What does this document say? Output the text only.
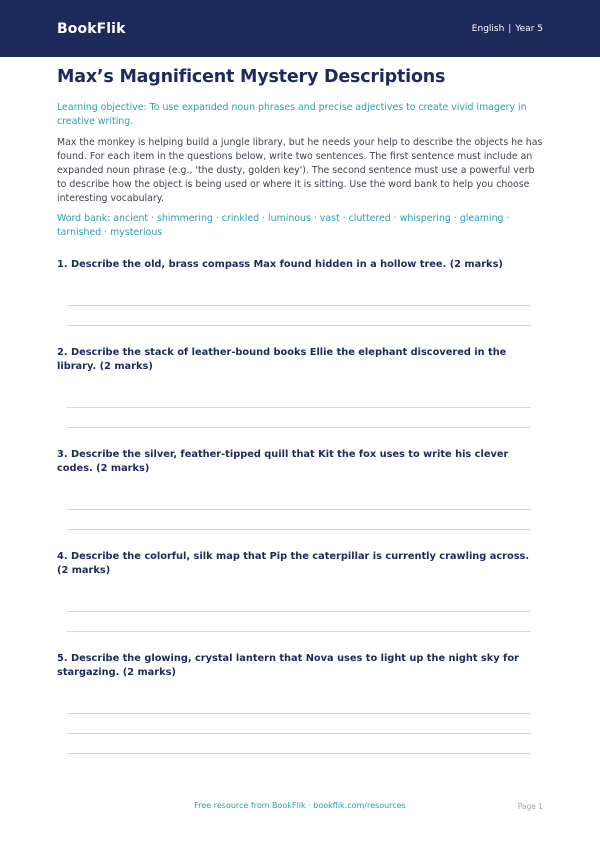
BookFlik	English | Year 5
Max’s Magnificent Mystery Descriptions

Learning objective: To use expanded noun phrases and precise adjectives to create vivid imagery in creative writing.

Max the monkey is helping build a jungle library, but he needs your help to describe the objects he has found. For each item in the questions below, write two sentences. The first sentence must include an expanded noun phrase (e.g., 'the dusty, golden key'). The second sentence must use a powerful verb to describe how the object is being used or where it is sitting. Use the word bank to help you choose interesting vocabulary.

Word bank: ancient · shimmering · crinkled · luminous · vast · cluttered · whispering · gleaming · tarnished · mysterious

1. Describe the old, brass compass Max found hidden in a hollow tree. (2 marks)

2. Describe the stack of leather-bound books Ellie the elephant discovered in the library. (2 marks)

3. Describe the silver, feather-tipped quill that Kit the fox uses to write his clever codes. (2 marks)

4. Describe the colorful, silk map that Pip the caterpillar is currently crawling across. (2 marks)

5. Describe the glowing, crystal lantern that Nova uses to light up the night sky for stargazing. (2 marks)

Free resource from BookFlik · bookflik.com/resources	Page 1
